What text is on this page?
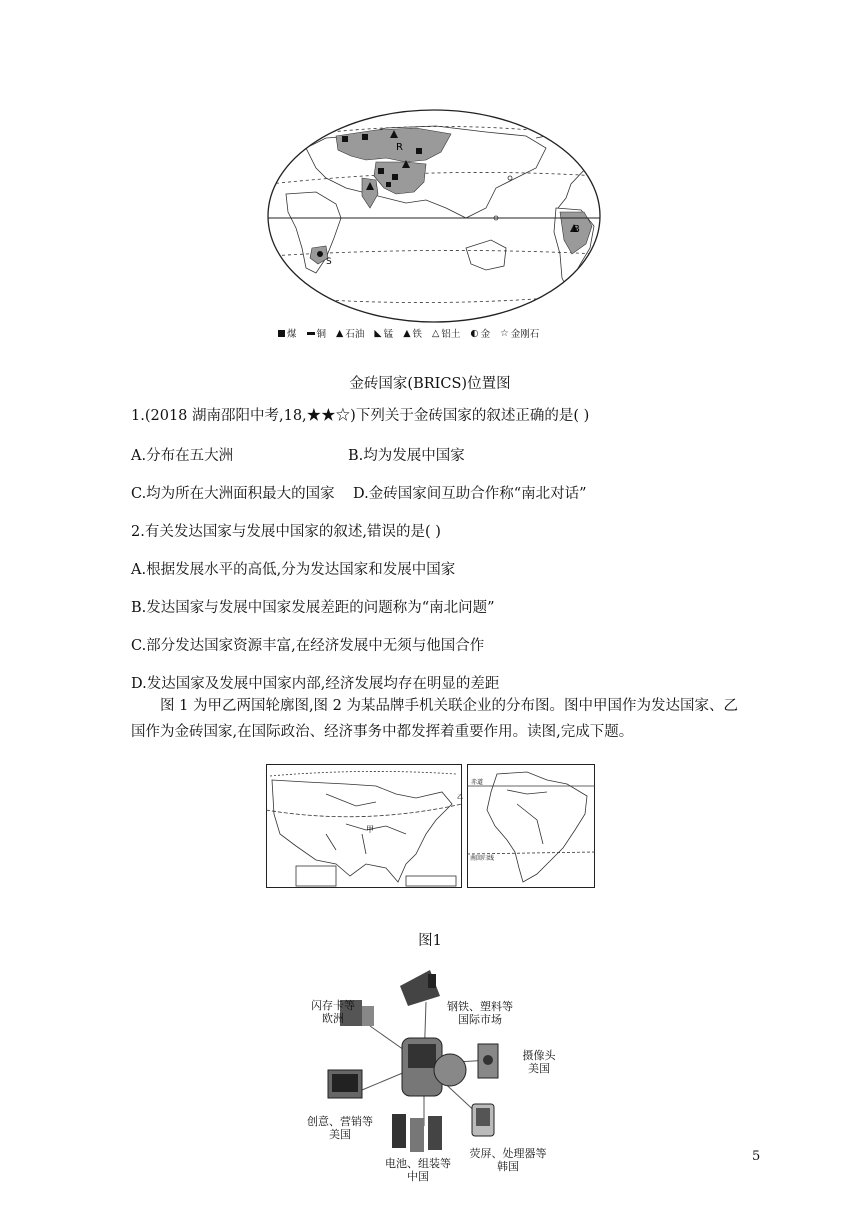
R
B
S
煤 铜 ▲ 石油 ◣ 锰 ▲ 铁 △ 铝土 ◐ 金 ☆ 金刚石
金砖国家(BRICS)位置图
1.(2018 湖南邵阳中考,18,★★☆)下列关于金砖国家的叙述正确的是( )
A.分布在五大洲	B.均为发展中国家
C.均为所在大洲面积最大的国家 D.金砖国家间互助合作称“南北对话”
2.有关发达国家与发展中国家的叙述,错误的是( )
A.根据发展水平的高低,分为发达国家和发展中国家
B.发达国家与发展中国家发展差距的问题称为“南北问题”
C.部分发达国家资源丰富,在经济发展中无须与他国合作
D.发达国家及发展中国家内部,经济发展均存在明显的差距
图 1 为甲乙两国轮廓图,图 2 为某品牌手机关联企业的分布图。图中甲国作为发达国家、乙
国作为金砖国家,在国际政治、经济事务中都发挥着重要作用。读图,完成下题。
甲
赤道
南回归线
乙
图1
闪存卡等
欧洲
钢铁、塑料等
国际市场
摄像头
美国
创意、营销等
美国
荧屏、处理器等
韩国
电池、组装等
中国
5
